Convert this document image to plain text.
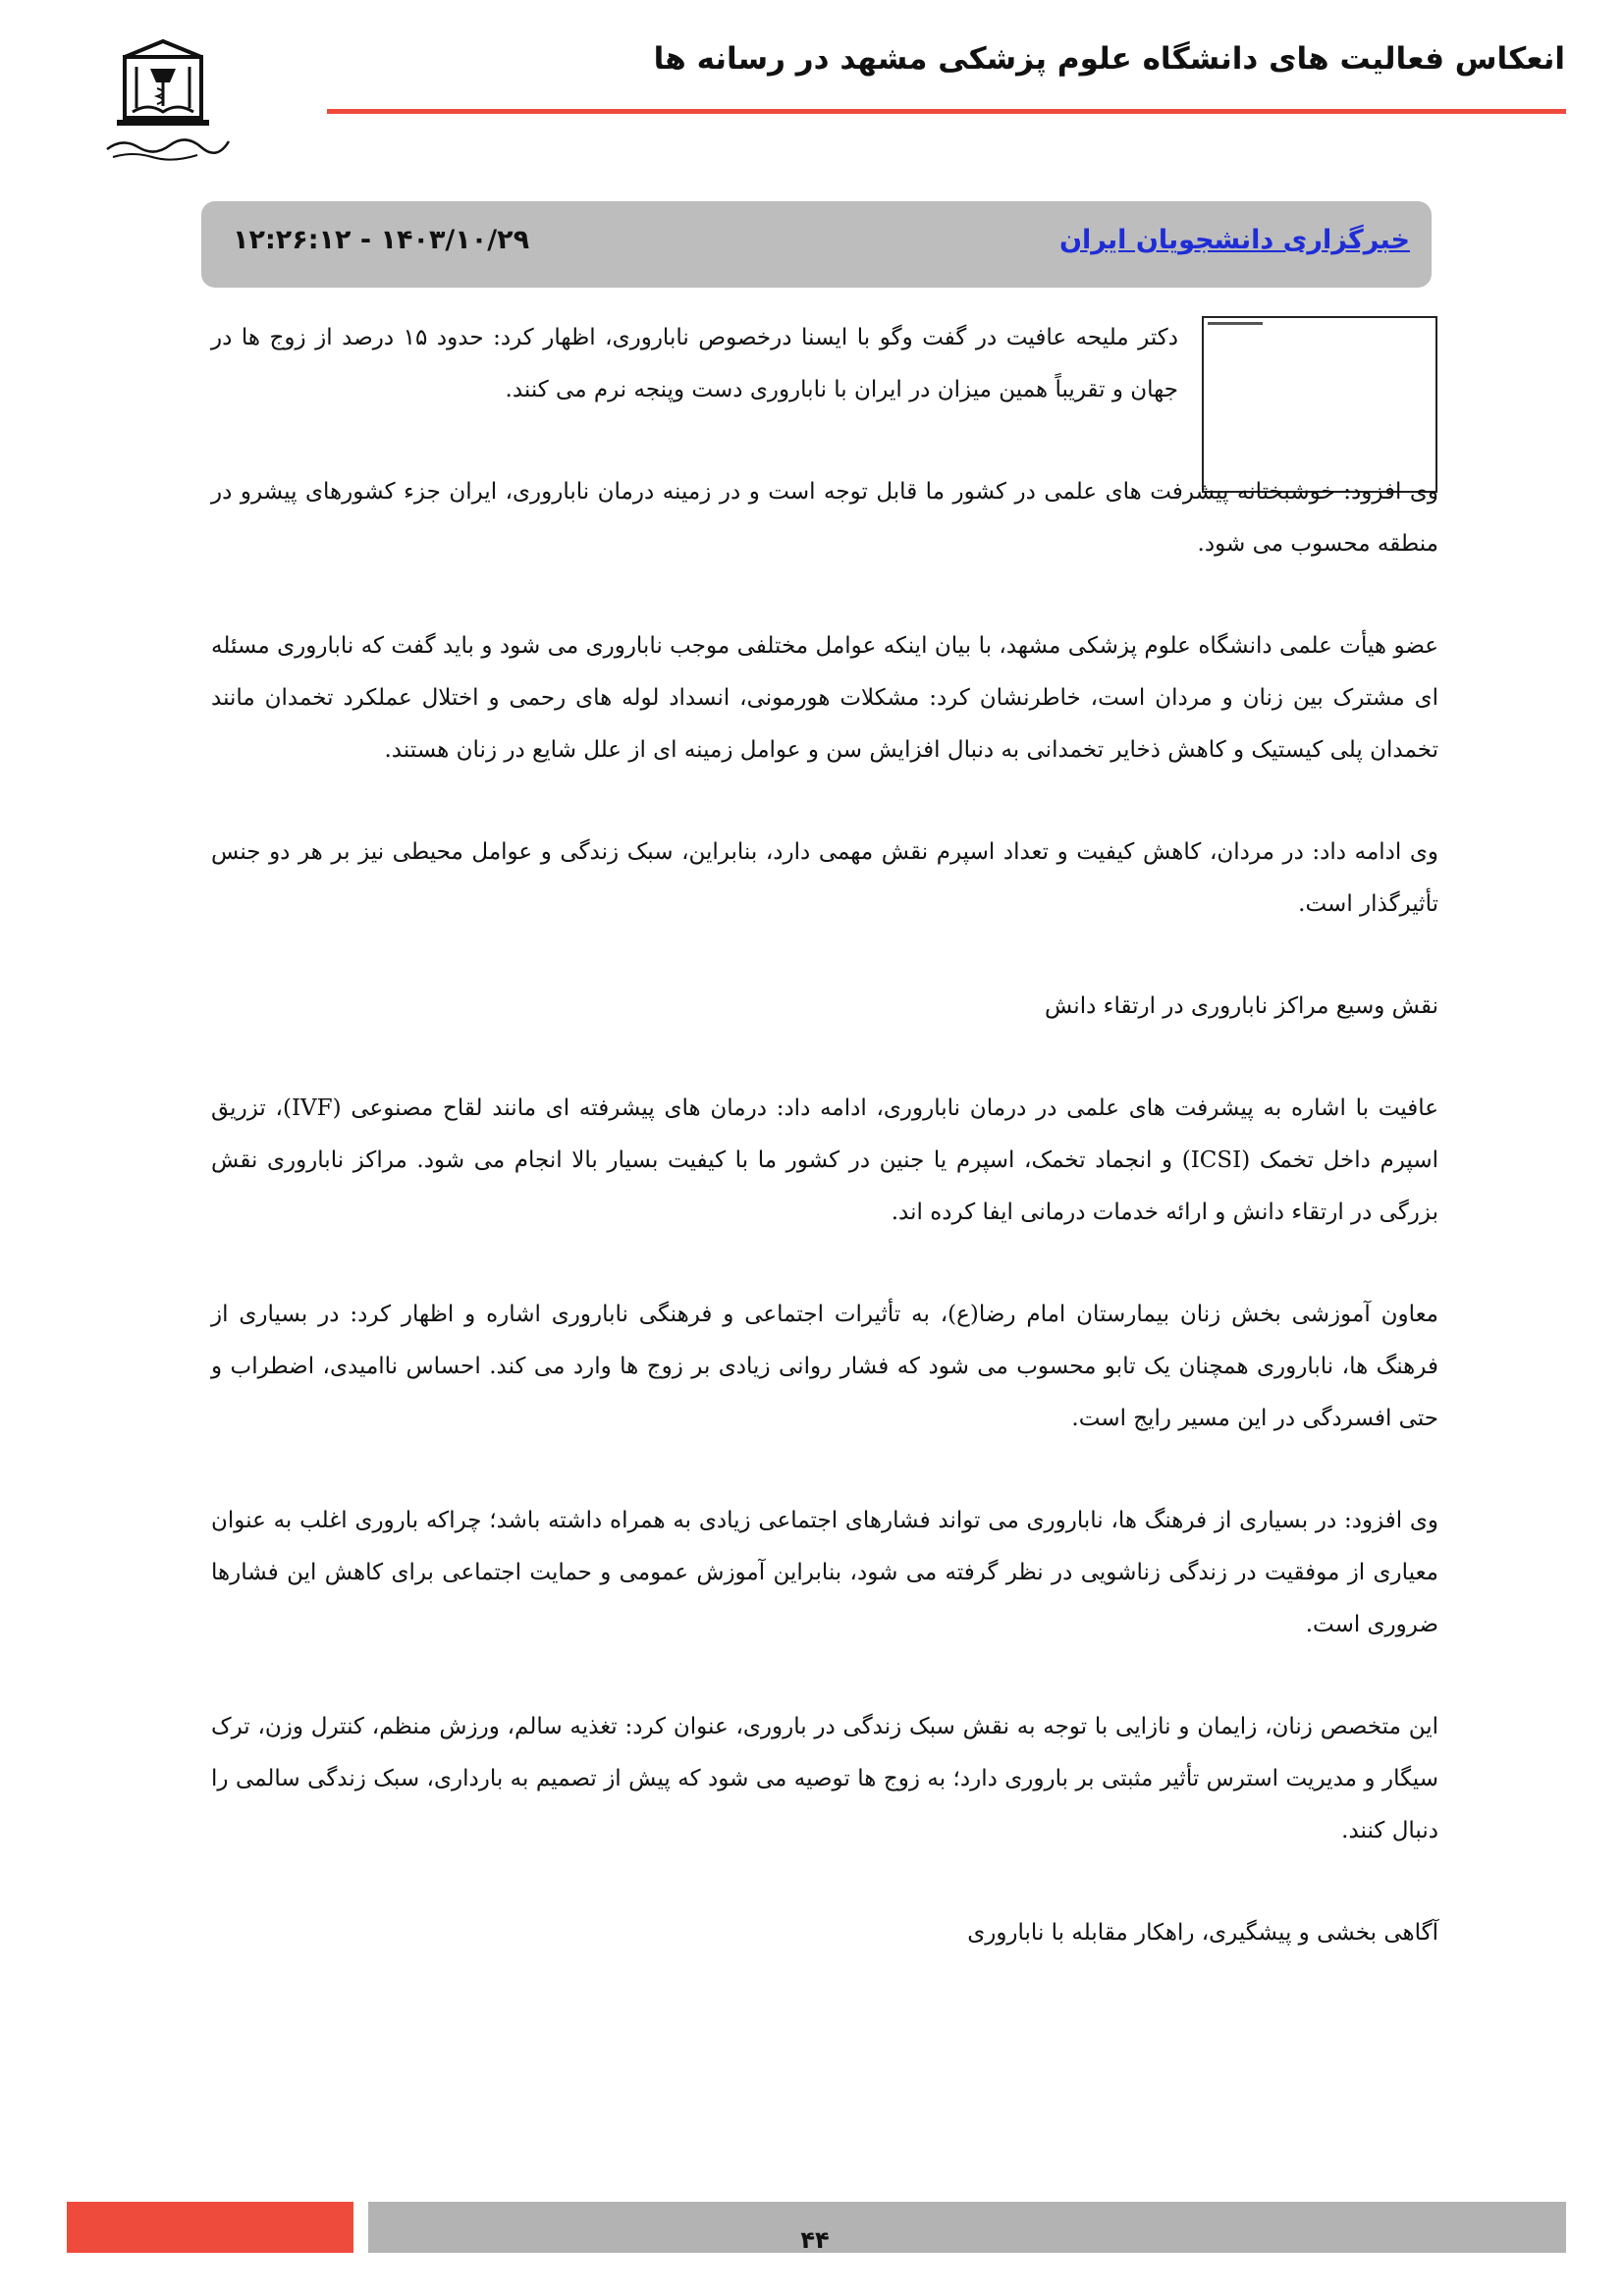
انعکاس فعالیت های دانشگاه علوم پزشکی مشهد در رسانه ها
خبرگزاری دانشجویان ایران
۱۴۰۳/۱۰/۲۹ - ۱۲:۲۶:۱۲

دکتر ملیحه عافیت در گفت وگو با ایسنا درخصوص ناباروری، اظهار کرد: حدود ۱۵ درصد از زوج ها در جهان و تقریباً همین میزان در ایران با ناباروری دست وپنجه نرم می کنند.

وی افزود: خوشبختانه پیشرفت های علمی در کشور ما قابل توجه است و در زمینه درمان ناباروری، ایران جزء کشورهای پیشرو در منطقه محسوب می شود.

عضو هیأت علمی دانشگاه علوم پزشکی مشهد، با بیان اینکه عوامل مختلفی موجب ناباروری می شود و باید گفت که ناباروری مسئله ای مشترک بین زنان و مردان است، خاطرنشان کرد: مشکلات هورمونی، انسداد لوله های رحمی و اختلال عملکرد تخمدان مانند تخمدان پلی کیستیک و کاهش ذخایر تخمدانی به دنبال افزایش سن و عوامل زمینه ای از علل شایع در زنان هستند.

وی ادامه داد: در مردان، کاهش کیفیت و تعداد اسپرم نقش مهمی دارد، بنابراین، سبک زندگی و عوامل محیطی نیز بر هر دو جنس تأثیرگذار است.

نقش وسیع مراکز ناباروری در ارتقاء دانش

عافیت با اشاره به پیشرفت های علمی در درمان ناباروری، ادامه داد: درمان های پیشرفته ای مانند لقاح مصنوعی (IVF)، تزریق اسپرم داخل تخمک (ICSI) و انجماد تخمک، اسپرم یا جنین در کشور ما با کیفیت بسیار بالا انجام می شود. مراکز ناباروری نقش بزرگی در ارتقاء دانش و ارائه خدمات درمانی ایفا کرده اند.

معاون آموزشی بخش زنان بیمارستان امام رضا(ع)، به تأثیرات اجتماعی و فرهنگی ناباروری اشاره و اظهار کرد: در بسیاری از فرهنگ ها، ناباروری همچنان یک تابو محسوب می شود که فشار روانی زیادی بر زوج ها وارد می کند. احساس ناامیدی، اضطراب و حتی افسردگی در این مسیر رایج است.

وی افزود: در بسیاری از فرهنگ ها، ناباروری می تواند فشارهای اجتماعی زیادی به همراه داشته باشد؛ چراکه باروری اغلب به عنوان معیاری از موفقیت در زندگی زناشویی در نظر گرفته می شود، بنابراین آموزش عمومی و حمایت اجتماعی برای کاهش این فشارها ضروری است.

این متخصص زنان، زایمان و نازایی با توجه به نقش سبک زندگی در باروری، عنوان کرد: تغذیه سالم، ورزش منظم، کنترل وزن، ترک سیگار و مدیریت استرس تأثیر مثبتی بر باروری دارد؛ به زوج ها توصیه می شود که پیش از تصمیم به بارداری، سبک زندگی سالمی را دنبال کنند.

آگاهی بخشی و پیشگیری، راهکار مقابله با ناباروری

۴۴
